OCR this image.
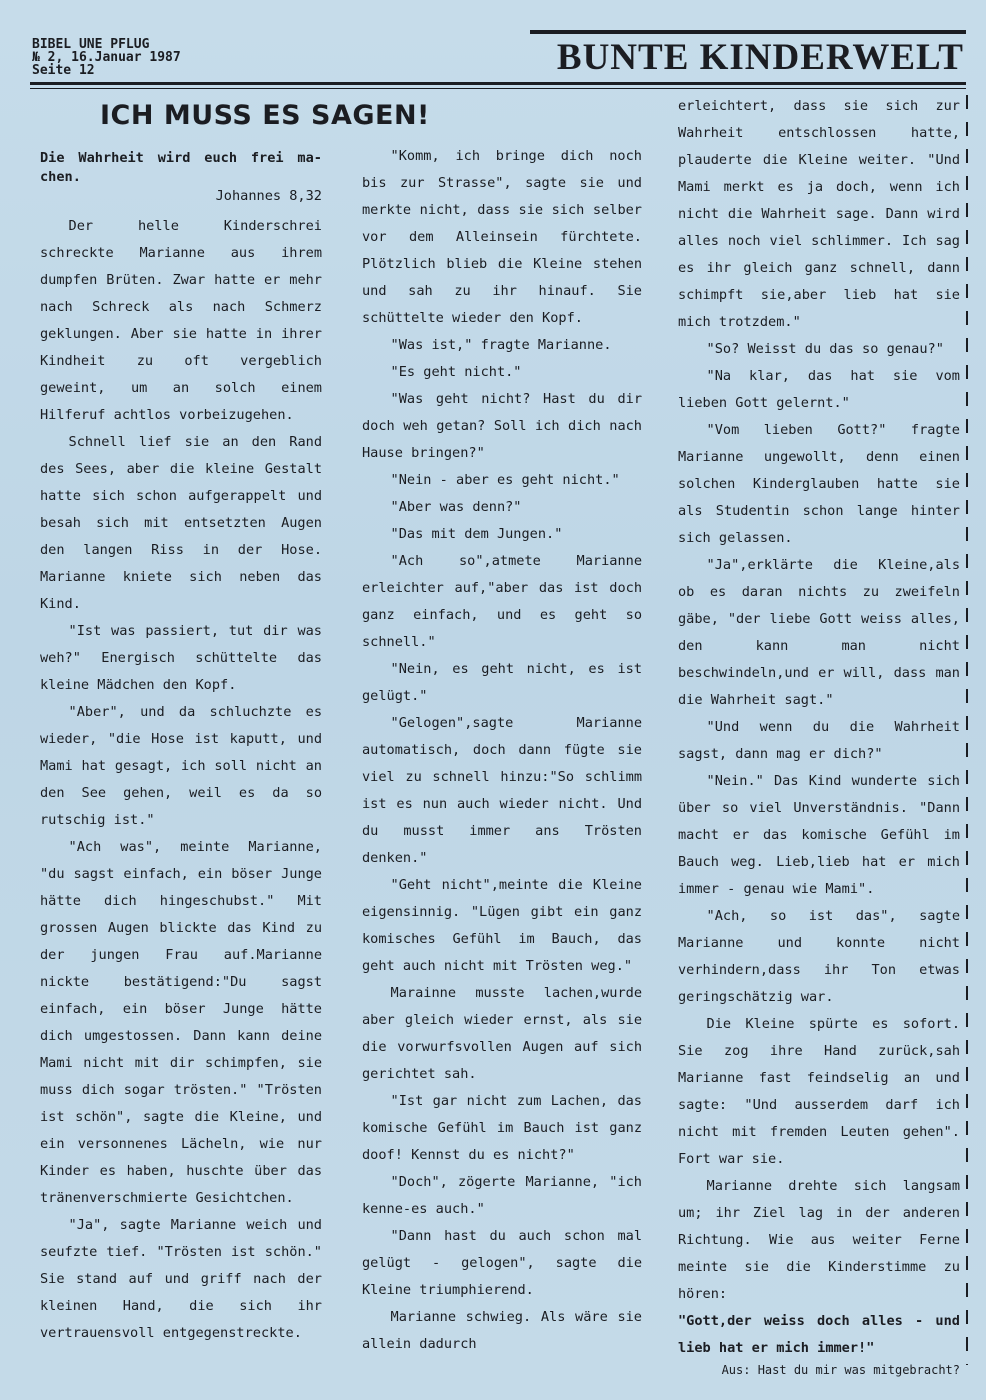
BIBEL UNE PFLUG
№ 2, 16.Januar 1987
Seite 12	BUNTE KINDERWELT
ICH MUSS ES SAGEN!

Die Wahrheit wird euch frei ma- chen.

Johannes 8,32

Der helle Kinderschrei schreckte Marianne aus ihrem dumpfen Brüten. Zwar hatte er mehr nach Schreck als nach Schmerz geklungen. Aber sie hatte in ihrer Kindheit zu oft vergeblich geweint, um an solch einem Hilferuf achtlos vorbeizugehen.

Schnell lief sie an den Rand des Sees, aber die kleine Gestalt hatte sich schon aufgerappelt und besah sich mit entsetzten Augen den langen Riss in der Hose. Marianne kniete sich neben das Kind.

"Ist was passiert, tut dir was weh?" Energisch schüttelte das kleine Mädchen den Kopf.

"Aber", und da schluchzte es wieder, "die Hose ist kaputt, und Mami hat gesagt, ich soll nicht an den See gehen, weil es da so rutschig ist."

"Ach was", meinte Marianne, "du sagst einfach, ein böser Junge hätte dich hingeschubst." Mit grossen Augen blickte das Kind zu der jungen Frau auf.Marianne nickte bestätigend:"Du sagst einfach, ein böser Junge hätte dich umgestossen. Dann kann deine Mami nicht mit dir schimpfen, sie muss dich sogar trösten." "Trösten ist schön", sagte die Kleine, und ein versonnenes Lächeln, wie nur Kinder es haben, huschte über das tränenverschmierte Gesichtchen.

"Ja", sagte Marianne weich und seufzte tief. "Trösten ist schön." Sie stand auf und griff nach der kleinen Hand, die sich ihr vertrauensvoll entgegenstreckte.

"Komm, ich bringe dich noch bis zur Strasse", sagte sie und merkte nicht, dass sie sich selber vor dem Alleinsein fürchtete. Plötzlich blieb die Kleine stehen und sah zu ihr hinauf. Sie schüttelte wieder den Kopf.

"Was ist," fragte Marianne.

"Es geht nicht."

"Was geht nicht? Hast du dir doch weh getan? Soll ich dich nach Hause bringen?"

"Nein - aber es geht nicht."

"Aber was denn?"

"Das mit dem Jungen."

"Ach so",atmete Marianne erleichter auf,"aber das ist doch ganz einfach, und es geht so schnell."

"Nein, es geht nicht, es ist gelügt."

"Gelogen",sagte Marianne automatisch, doch dann fügte sie viel zu schnell hinzu:"So schlimm ist es nun auch wieder nicht. Und du musst immer ans Trösten denken."

"Geht nicht",meinte die Kleine eigensinnig. "Lügen gibt ein ganz komisches Gefühl im Bauch, das geht auch nicht mit Trösten weg."

Marainne musste lachen,wurde aber gleich wieder ernst, als sie die vorwurfsvollen Augen auf sich gerichtet sah.

"Ist gar nicht zum Lachen, das komische Gefühl im Bauch ist ganz doof! Kennst du es nicht?"

"Doch", zögerte Marianne, "ich kenne-es auch."

"Dann hast du auch schon mal gelügt - gelogen", sagte die Kleine triumphierend.

Marianne schwieg. Als wäre sie allein dadurch

erleichtert, dass sie sich zur Wahrheit entschlossen hatte, plauderte die Kleine weiter. "Und Mami merkt es ja doch, wenn ich nicht die Wahrheit sage. Dann wird alles noch viel schlimmer. Ich sag es ihr gleich ganz schnell, dann schimpft sie,aber lieb hat sie mich trotzdem."

"So? Weisst du das so genau?"

"Na klar, das hat sie vom lieben Gott gelernt."

"Vom lieben Gott?" fragte Marianne ungewollt, denn einen solchen Kinderglauben hatte sie als Studentin schon lange hinter sich gelassen.

"Ja",erklärte die Kleine,als ob es daran nichts zu zweifeln gäbe, "der liebe Gott weiss alles, den kann man nicht beschwindeln,und er will, dass man die Wahrheit sagt."

"Und wenn du die Wahrheit sagst, dann mag er dich?"

"Nein." Das Kind wunderte sich über so viel Unverständnis. "Dann macht er das komische Gefühl im Bauch weg. Lieb,lieb hat er mich immer - genau wie Mami".

"Ach, so ist das", sagte Marianne und konnte nicht verhindern,dass ihr Ton etwas geringschätzig war.

Die Kleine spürte es sofort. Sie zog ihre Hand zurück,sah Marianne fast feindselig an und sagte: "Und ausserdem darf ich nicht mit fremden Leuten gehen". Fort war sie.

Marianne drehte sich langsam um; ihr Ziel lag in der anderen Richtung. Wie aus weiter Ferne meinte sie die Kinderstimme zu hören:

"Gott,der weiss doch alles - und lieb hat er mich immer!"

Aus: Hast du mir was mitgebracht?
